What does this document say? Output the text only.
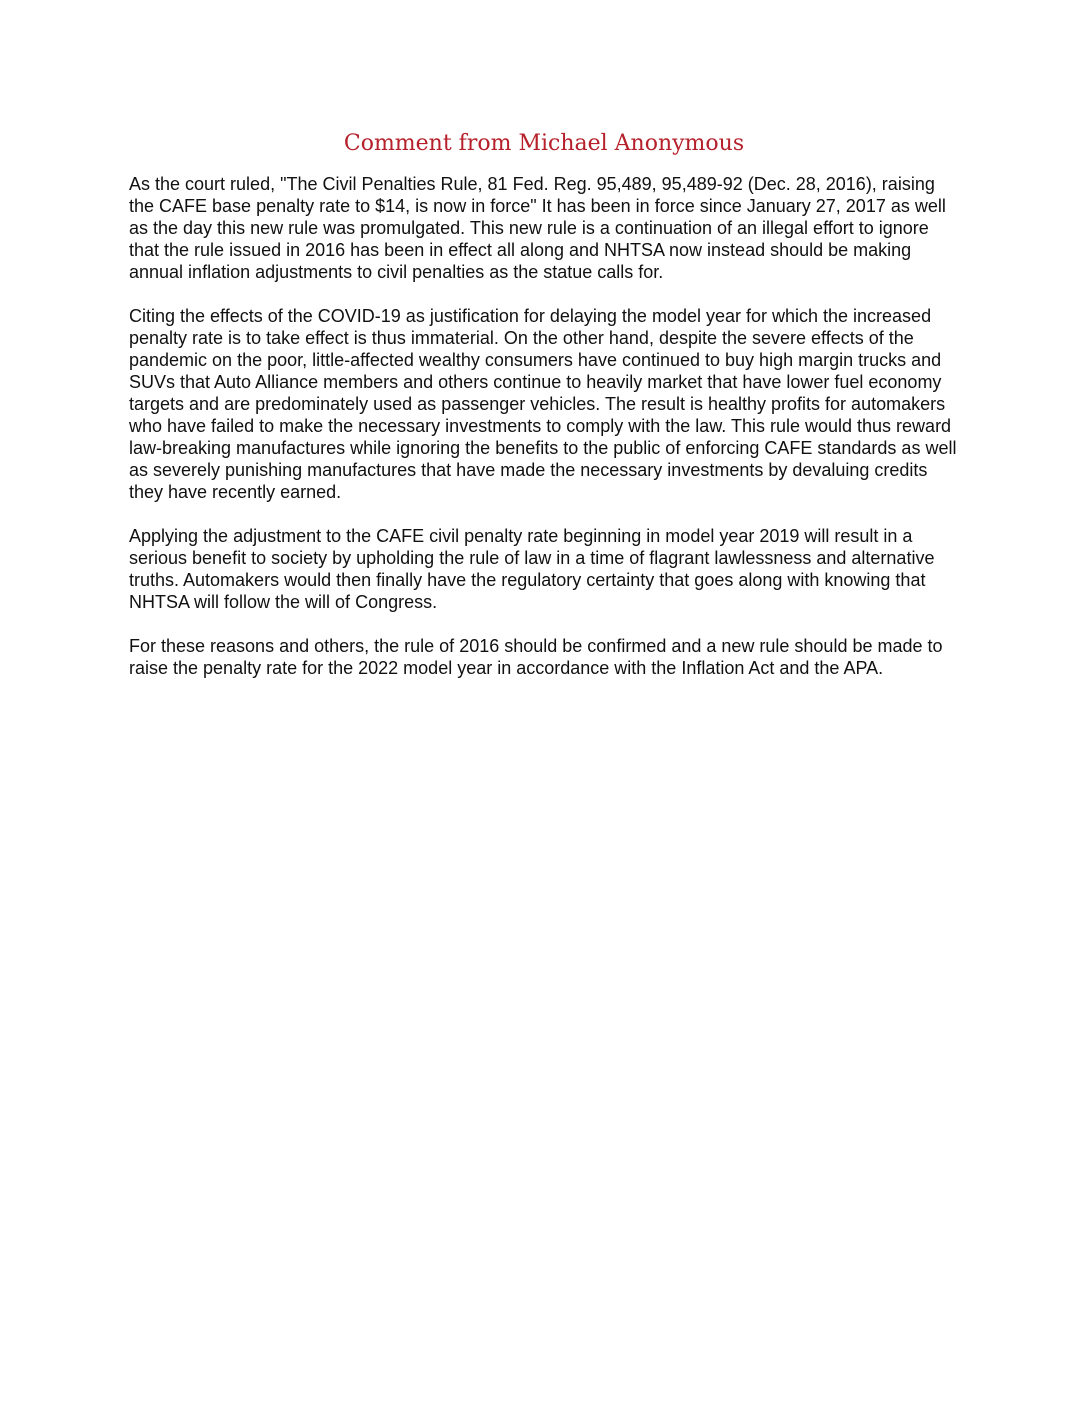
Comment from Michael Anonymous

As the court ruled, "The Civil Penalties Rule, 81 Fed. Reg. 95,489, 95,489-92 (Dec. 28, 2016), raising the CAFE base penalty rate to $14, is now in force" It has been in force since January 27, 2017 as well as the day this new rule was promulgated. This new rule is a continuation of an illegal effort to ignore that the rule issued in 2016 has been in effect all along and NHTSA now instead should be making annual inflation adjustments to civil penalties as the statue calls for.

Citing the effects of the COVID-19 as justification for delaying the model year for which the increased penalty rate is to take effect is thus immaterial. On the other hand, despite the severe effects of the pandemic on the poor, little-affected wealthy consumers have continued to buy high margin trucks and SUVs that Auto Alliance members and others continue to heavily market that have lower fuel economy targets and are predominately used as passenger vehicles. The result is healthy profits for automakers who have failed to make the necessary investments to comply with the law. This rule would thus reward law-breaking manufactures while ignoring the benefits to the public of enforcing CAFE standards as well as severely punishing manufactures that have made the necessary investments by devaluing credits they have recently earned.

Applying the adjustment to the CAFE civil penalty rate beginning in model year 2019 will result in a serious benefit to society by upholding the rule of law in a time of flagrant lawlessness and alternative truths. Automakers would then finally have the regulatory certainty that goes along with knowing that NHTSA will follow the will of Congress.

For these reasons and others, the rule of 2016 should be confirmed and a new rule should be made to raise the penalty rate for the 2022 model year in accordance with the Inflation Act and the APA.
